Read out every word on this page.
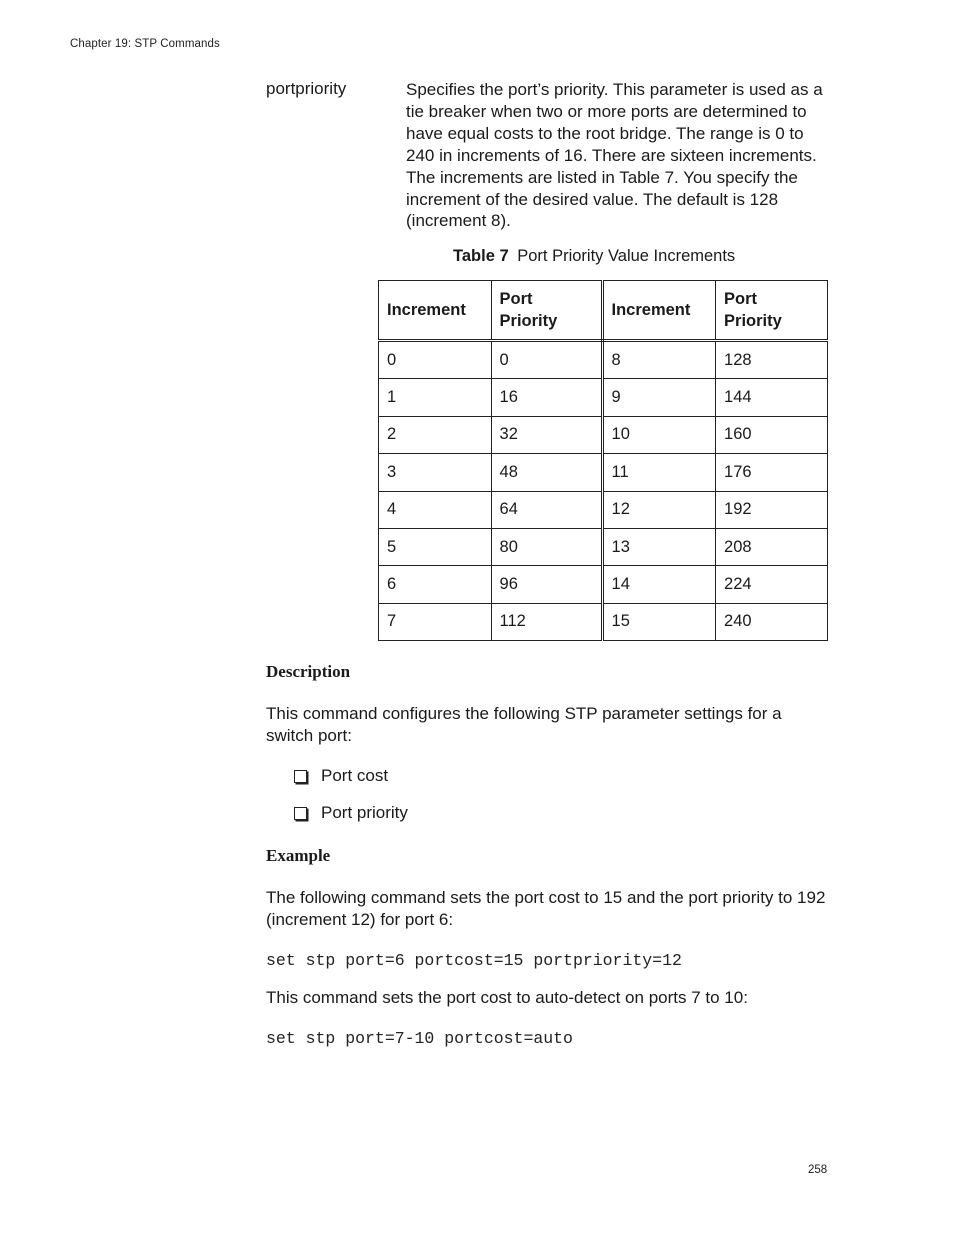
Chapter 19: STP Commands
portpriority	Specifies the port’s priority. This parameter is used as a tie breaker when two or more ports are determined to have equal costs to the root bridge. The range is 0 to 240 in increments of 16. There are sixteen increments. The increments are listed in Table 7. You specify the increment of the desired value. The default is 128 (increment 8).
Table 7 Port Priority Value Increments
Increment	Port Priority	Increment	Port Priority
0	0	8	128
1	16	9	144
2	32	10	160
3	48	11	176
4	64	12	192
5	80	13	208
6	96	14	224
7	112	15	240
Description
This command configures the following STP parameter settings for a switch port:
Port cost
Port priority
Example
The following command sets the port cost to 15 and the port priority to 192 (increment 12) for port 6:
set stp port=6 portcost=15 portpriority=12
This command sets the port cost to auto-detect on ports 7 to 10:
set stp port=7-10 portcost=auto
258
